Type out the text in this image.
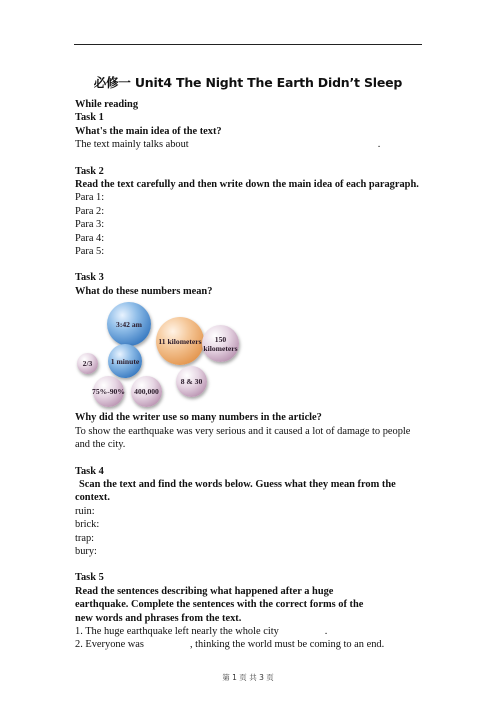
必修一 Unit4 The Night The Earth Didn’t Sleep
While reading
Task 1
What's the main idea of the text?
The text mainly talks about	.
Task 2
Read the text carefully and then write down the main idea of each paragraph.
Para 1:
Para 2:
Para 3:
Para 4:
Para 5:
Task 3
What do these numbers mean?
3:42 am
11 kilometers	150 kilometers
2/3	1 minute
8 & 30
75%-90%	400,000
Why did the writer use so many numbers in the article?
To show the earthquake was very serious and it caused a lot of damage to people and the city.
Task 4
Scan the text and find the words below. Guess what they mean from the context.
ruin:
brick:
trap:
bury:
Task 5
Read the sentences describing what happened after a huge earthquake. Complete the sentences with the correct forms of the new words and phrases from the text.
1. The huge earthquake left nearly the whole city	.
2. Everyone was	, thinking the world must be coming to an end.
第 1 页 共 3 页
